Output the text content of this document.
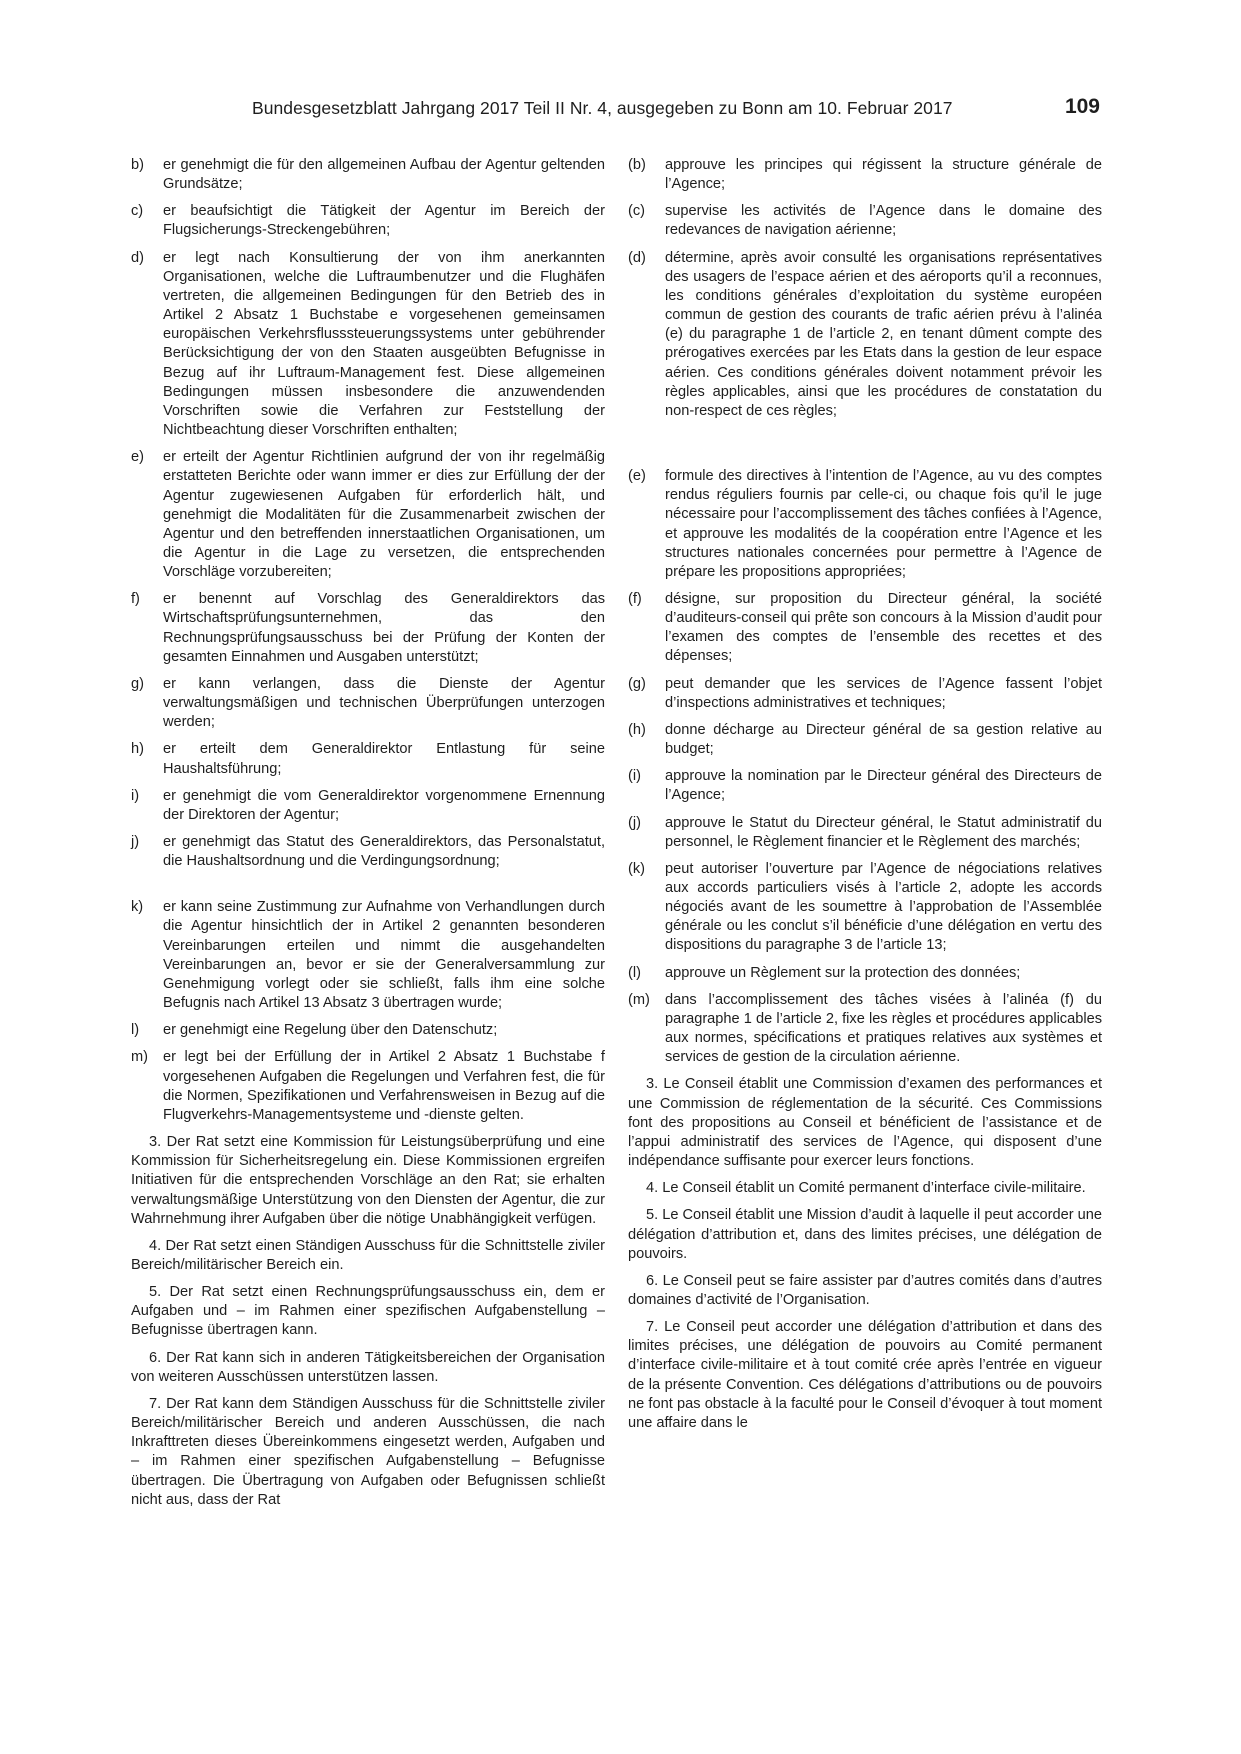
Bundesgesetzblatt Jahrgang 2017 Teil II Nr. 4, ausgegeben zu Bonn am 10. Februar 2017	109
b) er genehmigt die für den allgemeinen Aufbau der Agentur geltenden Grundsätze;
c) er beaufsichtigt die Tätigkeit der Agentur im Bereich der Flugsicherungs-Streckengebühren;
d) er legt nach Konsultierung der von ihm anerkannten Organisationen, welche die Luftraumbenutzer und die Flughäfen vertreten, die allgemeinen Bedingungen für den Betrieb des in Artikel 2 Absatz 1 Buchstabe e vorgesehenen gemeinsamen europäischen Verkehrsflusssteuerungssystems unter gebührender Berücksichtigung der von den Staaten ausgeübten Befugnisse in Bezug auf ihr Luftraum-Management fest. Diese allgemeinen Bedingungen müssen insbesondere die anzuwendenden Vorschriften sowie die Verfahren zur Feststellung der Nichtbeachtung dieser Vorschriften enthalten;
e) er erteilt der Agentur Richtlinien aufgrund der von ihr regelmäßig erstatteten Berichte oder wann immer er dies zur Erfüllung der der Agentur zugewiesenen Aufgaben für erforderlich hält, und genehmigt die Modalitäten für die Zusammenarbeit zwischen der Agentur und den betreffenden innerstaatlichen Organisationen, um die Agentur in die Lage zu versetzen, die entsprechenden Vorschläge vorzubereiten;
f) er benennt auf Vorschlag des Generaldirektors das Wirtschaftsprüfungsunternehmen, das den Rechnungsprüfungsausschuss bei der Prüfung der Konten der gesamten Einnahmen und Ausgaben unterstützt;
g) er kann verlangen, dass die Dienste der Agentur verwaltungsmäßigen und technischen Überprüfungen unterzogen werden;
h) er erteilt dem Generaldirektor Entlastung für seine Haushaltsführung;
i) er genehmigt die vom Generaldirektor vorgenommene Ernennung der Direktoren der Agentur;
j) er genehmigt das Statut des Generaldirektors, das Personalstatut, die Haushaltsordnung und die Verdingungsordnung;
k) er kann seine Zustimmung zur Aufnahme von Verhandlungen durch die Agentur hinsichtlich der in Artikel 2 genannten besonderen Vereinbarungen erteilen und nimmt die ausgehandelten Vereinbarungen an, bevor er sie der Generalversammlung zur Genehmigung vorlegt oder sie schließt, falls ihm eine solche Befugnis nach Artikel 13 Absatz 3 übertragen wurde;
l) er genehmigt eine Regelung über den Datenschutz;
m) er legt bei der Erfüllung der in Artikel 2 Absatz 1 Buchstabe f vorgesehenen Aufgaben die Regelungen und Verfahren fest, die für die Normen, Spezifikationen und Verfahrensweisen in Bezug auf die Flugverkehrs-Managementsysteme und -dienste gelten.

3. Der Rat setzt eine Kommission für Leistungsüberprüfung und eine Kommission für Sicherheitsregelung ein. Diese Kommissionen ergreifen Initiativen für die entsprechenden Vorschläge an den Rat; sie erhalten verwaltungsmäßige Unterstützung von den Diensten der Agentur, die zur Wahrnehmung ihrer Aufgaben über die nötige Unabhängigkeit verfügen.

4. Der Rat setzt einen Ständigen Ausschuss für die Schnittstelle ziviler Bereich/militärischer Bereich ein.

5. Der Rat setzt einen Rechnungsprüfungsausschuss ein, dem er Aufgaben und – im Rahmen einer spezifischen Aufgabenstellung – Befugnisse übertragen kann.

6. Der Rat kann sich in anderen Tätigkeitsbereichen der Organisation von weiteren Ausschüssen unterstützen lassen.

7. Der Rat kann dem Ständigen Ausschuss für die Schnittstelle ziviler Bereich/militärischer Bereich und anderen Ausschüssen, die nach Inkrafttreten dieses Übereinkommens eingesetzt werden, Aufgaben und – im Rahmen einer spezifischen Aufgabenstellung – Befugnisse übertragen. Die Übertragung von Aufgaben oder Befugnissen schließt nicht aus, dass der Rat

(b) approuve les principes qui régissent la structure générale de l’Agence;
(c) supervise les activités de l’Agence dans le domaine des redevances de navigation aérienne;
(d) détermine, après avoir consulté les organisations représentatives des usagers de l’espace aérien et des aéroports qu’il a reconnues, les conditions générales d’exploitation du système européen commun de gestion des courants de trafic aérien prévu à l’alinéa (e) du paragraphe 1 de l’article 2, en tenant dûment compte des prérogatives exercées par les Etats dans la gestion de leur espace aérien. Ces conditions générales doivent notamment prévoir les règles applicables, ainsi que les procédures de constatation du non-respect de ces règles;
(e) formule des directives à l’intention de l’Agence, au vu des comptes rendus réguliers fournis par celle-ci, ou chaque fois qu’il le juge nécessaire pour l’accomplissement des tâches confiées à l’Agence, et approuve les modalités de la coopération entre l’Agence et les structures nationales concernées pour permettre à l’Agence de prépare les propositions appropriées;
(f) désigne, sur proposition du Directeur général, la société d’auditeurs-conseil qui prête son concours à la Mission d’audit pour l’examen des comptes de l’ensemble des recettes et des dépenses;
(g) peut demander que les services de l’Agence fassent l’objet d’inspections administratives et techniques;
(h) donne décharge au Directeur général de sa gestion relative au budget;
(i) approuve la nomination par le Directeur général des Directeurs de l’Agence;
(j) approuve le Statut du Directeur général, le Statut administratif du personnel, le Règlement financier et le Règlement des marchés;
(k) peut autoriser l’ouverture par l’Agence de négociations relatives aux accords particuliers visés à l’article 2, adopte les accords négociés avant de les soumettre à l’approbation de l’Assemblée générale ou les conclut s’il bénéficie d’une délégation en vertu des dispositions du paragraphe 3 de l’article 13;
(l) approuve un Règlement sur la protection des données;
(m) dans l’accomplissement des tâches visées à l’alinéa (f) du paragraphe 1 de l’article 2, fixe les règles et procédures applicables aux normes, spécifications et pratiques relatives aux systèmes et services de gestion de la circulation aérienne.

3. Le Conseil établit une Commission d’examen des performances et une Commission de réglementation de la sécurité. Ces Commissions font des propositions au Conseil et bénéficient de l’assistance et de l’appui administratif des services de l’Agence, qui disposent d’une indépendance suffisante pour exercer leurs fonctions.

4. Le Conseil établit un Comité permanent d’interface civile-militaire.

5. Le Conseil établit une Mission d’audit à laquelle il peut accorder une délégation d’attribution et, dans des limites précises, une délégation de pouvoirs.

6. Le Conseil peut se faire assister par d’autres comités dans d’autres domaines d’activité de l’Organisation.

7. Le Conseil peut accorder une délégation d’attribution et dans des limites précises, une délégation de pouvoirs au Comité permanent d’interface civile-militaire et à tout comité crée après l’entrée en vigueur de la présente Convention. Ces délégations d’attributions ou de pouvoirs ne font pas obstacle à la faculté pour le Conseil d’évoquer à tout moment une affaire dans le
